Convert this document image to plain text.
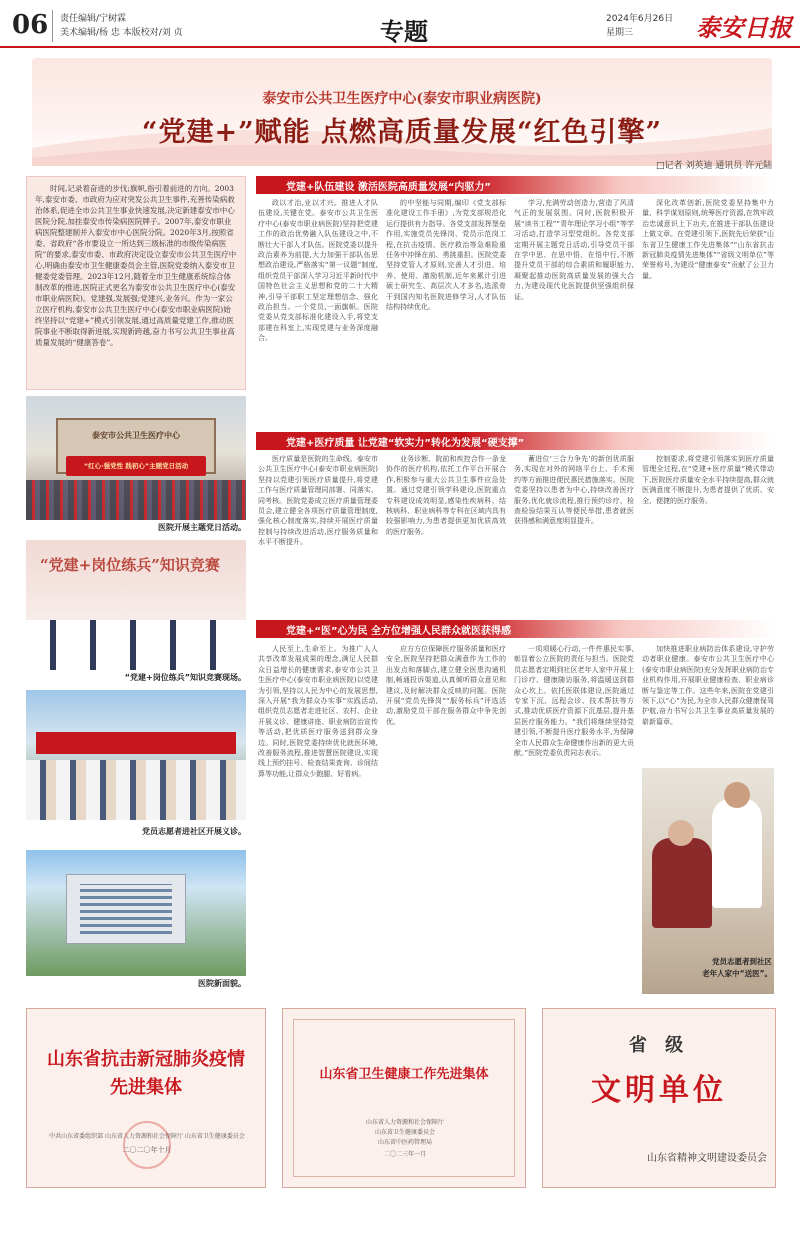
06 责任编辑/宁树霖
美术编辑/杨 忠 本版校对/刘 贞	专题	2024年6月26日
星期三	泰安日报
泰安市公共卫生医疗中心(泰安市职业病医院)
“党建+”赋能 点燃高质量发展“红色引擎”
□记者 刘英迪 通讯员 许元陆
时间,记录着奋进的步伐;旗帜,指引着前进的方向。2003年,泰安市委、市政府为应对突发公共卫生事件,充善传染病救治体系,促进全市公共卫生事业快速发展,决定新建泰安市中心医院分院,加挂泰安市传染病医院牌子。2007年,泰安市职业病医院整建制并入泰安市中心医院分院。2020年3月,按照省委、省政府“各市要设立一所达到三级标准的市级传染病医院”的要求,泰安市委、市政府决定设立泰安市公共卫生医疗中心,明确由泰安市卫生健康委员会主管,医院党委纳入泰安市卫健委党委管理。2023年12月,随着全市卫生健康系统综合体制改革的推进,医院正式更名为泰安市公共卫生医疗中心(泰安市职业病医院)。党建强,发展强;党建兴,业务兴。作为一家公立医疗机构,泰安市公共卫生医疗中心(泰安市职业病医院)始终坚持以“党建+”模式引领发展,通过高质量党建工作,推动医院事业不断取得新进展,实现新跨越,奋力书写公共卫生事业高质量发展的“健康答卷”。
泰安市公共卫生医疗中心
“红心·强党性 践初心”主题党日活动
医院开展主题党日活动。
“党建+岗位练兵”知识竞赛
“党建+岗位练兵”知识竞赛现场。
党员志愿者进社区开展义诊。
医院新面貌。
党建+队伍建设 激活医院高质量发展“内驱力”

政以才治,业以才兴。推进人才队伍建设,关键在党。泰安市公共卫生医疗中心(泰安市职业病医院)坚持把党建工作的政治优势融入队伍建设之中,不断壮大干部人才队伍。医院党委以提升政治素养为前提,大力加强干部队伍思想政治建设,严格落实“第一议题”制度,组织党员干部深入学习习近平新时代中国特色社会主义思想和党的二十大精神,引导干部职工坚定理想信念、强化政治担当。一个党员,一面旗帜。医院党委从党支部标准化建设入手,将党支部建在科室上,实现党建与业务深度融合。

的中坚能与同期,编印《党支部标准化建设工作手册》,为党支部规范化运行提供有力指导。各党支部发挥堡垒作用,实施党员先锋岗、党员示范岗工程,在抗击疫情、医疗救治等急难险重任务中冲锋在前、勇挑重担。医院党委坚持党管人才原则,完善人才引进、培养、使用、激励机制,近年来累计引进硕士研究生、高层次人才多名,选派骨干到国内知名医院进修学习,人才队伍结构持续优化。

学习,充满劳动创造力,营造了风清气正的发展氛围。同时,医院积极开展“读书工程”“青年理论学习小组”等学习活动,打造学习型党组织。各党支部定期开展主题党日活动,引导党员干部在学中思、在思中悟、在悟中行,不断提升党员干部的综合素质和履职能力,凝聚起推动医院高质量发展的强大合力,为建设现代化医院提供坚强组织保证。

深化改革创新,医院党委坚持集中力量、科学谋划原则,统筹医疗资源,在筑牢政治忠诚意识上下功夫,在推进干部队伍建设上做文章。在党建引领下,医院先后荣获“山东省卫生健康工作先进集体”“山东省抗击新冠肺炎疫情先进集体”“省级文明单位”等荣誉称号,为建设“健康泰安”贡献了公卫力量。

党建+医疗质量 让党建“软实力”转化为发展“硬支撑”

医疗质量是医院的生命线。泰安市公共卫生医疗中心(泰安市职业病医院)坚持以党建引领医疗质量提升,将党建工作与医疗质量管理同部署、同落实、同考核。医院党委成立医疗质量管理委员会,建立健全各项医疗质量管理制度,强化核心制度落实,持续开展医疗质量控制与持续改进活动,医疗服务质量和水平不断提升。

业务诊断、院前和疾控合作一条龙协作的医疗机构,依托工作平台开展合作,积极参与重大公共卫生事件应急处置。通过党建引领学科建设,医院重点专科建设成效明显,感染性疾病科、结核病科、职业病科等专科在区域内具有较强影响力,为患者提供更加优质高效的医疗服务。

蓄进位‘三合力争先’的新创优质服务,实现在对外的网络平台上、手术预约等方面推进便民惠民措施落实。医院党委坚持以患者为中心,持续改善医疗服务,优化就诊流程,推行预约诊疗、检查检验结果互认等便民举措,患者就医获得感和满意度明显提升。

控制要求,将党建引领落实到医疗质量管理全过程,在“党建+医疗质量”模式带动下,医院医疗质量安全水平持续提高,群众就医满意度不断提升,为患者提供了优质、安全、便捷的医疗服务。

党建+“医”心为民 全方位增强人民群众就医获得感

人民至上,生命至上。为推广人人共享改革发展成果的理念,满足人民群众日益增长的健康需求,泰安市公共卫生医疗中心(泰安市职业病医院)以党建为引领,坚持以人民为中心的发展思想,深入开展“我为群众办实事”实践活动,组织党员志愿者走进社区、农村、企业开展义诊、健康讲座、职业病防治宣传等活动,把优质医疗服务送到群众身边。同时,医院党委持续优化就医环境,改善服务流程,推进智慧医院建设,实现线上预约挂号、检查结果查询、诊间结算等功能,让群众少跑腿、好看病。

应方方位保障医疗服务质量和医疗安全,医院坚持把群众满意作为工作的出发点和落脚点,建立健全医患沟通机制,畅通投诉渠道,认真倾听群众意见和建议,及时解决群众反映的问题。医院开展“党员先锋岗”“服务标兵”评选活动,激励党员干部在服务群众中争先创优。

一项项暖心行动,一件件惠民实事,彰显着公立医院的责任与担当。医院党员志愿者定期到社区老年人家中开展上门诊疗、健康随访服务,将温暖送到群众心坎上。依托医联体建设,医院通过专家下沉、远程会诊、技术帮扶等方式,推动优质医疗资源下沉基层,提升基层医疗服务能力。“我们将继续坚持党建引领,不断提升医疗服务水平,为保障全市人民群众生命健康作出新的更大贡献。”医院党委负责同志表示。

加快推进职业病防治体系建设,守护劳动者职业健康。泰安市公共卫生医疗中心(泰安市职业病医院)充分发挥职业病防治专业机构作用,开展职业健康检查、职业病诊断与鉴定等工作。这些年来,医院在党建引领下,以“心”为民,为全市人民群众健康保驾护航,奋力书写公共卫生事业高质量发展的崭新篇章。

党员志愿者到社区
老年人家中“送医”。
山东省抗击新冠肺炎疫情
先进集体
中共山东省委组织部 山东省人力资源和社会保障厅 山东省卫生健康委员会
二〇二〇年十月
山东省卫生健康工作先进集体
山东省人力资源和社会保障厅
山东省卫生健康委员会
山东省中医药管理局
二〇二三年一月
省 级
文明单位
山东省精神文明建设委员会
